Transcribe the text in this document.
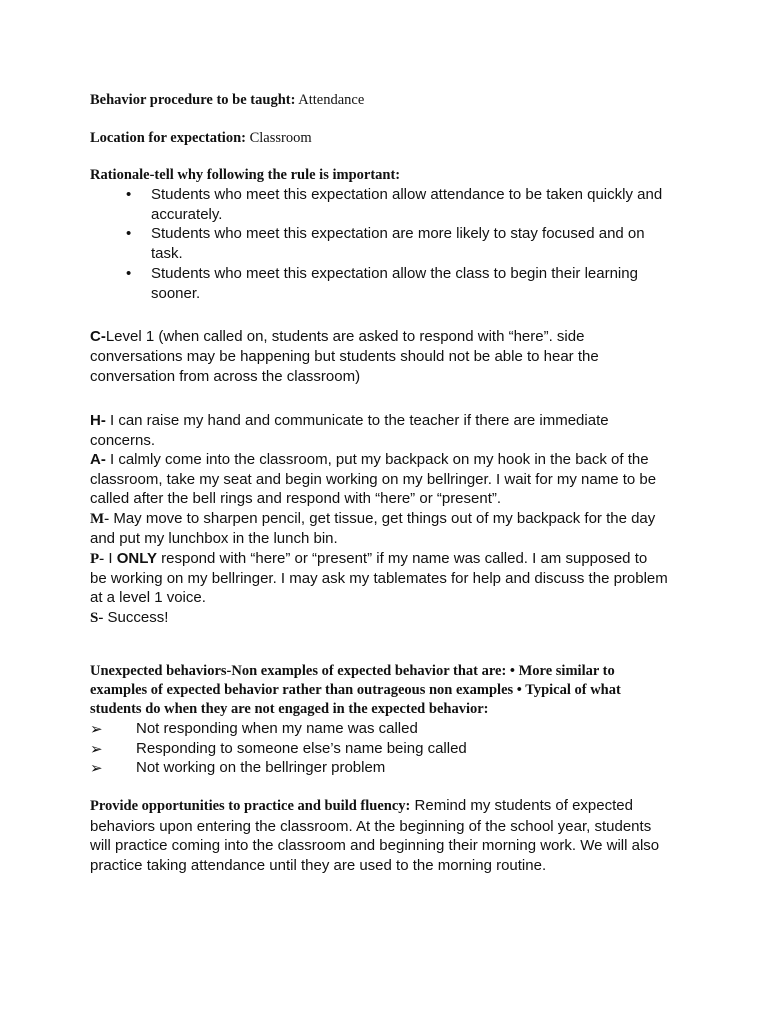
Behavior procedure to be taught: Attendance
Location for expectation: Classroom
Rationale-tell why following the rule is important:
• Students who meet this expectation allow attendance to be taken quickly and
accurately.
• Students who meet this expectation are more likely to stay focused and on
task.
• Students who meet this expectation allow the class to begin their learning
sooner.
C-Level 1 (when called on, students are asked to respond with “here”. side
conversations may be happening but students should not be able to hear the
conversation from across the classroom)
H- I can raise my hand and communicate to the teacher if there are immediate
concerns.
A- I calmly come into the classroom, put my backpack on my hook in the back of the
classroom, take my seat and begin working on my bellringer. I wait for my name to be
called after the bell rings and respond with “here” or “present”.
M- May move to sharpen pencil, get tissue, get things out of my backpack for the day
and put my lunchbox in the lunch bin.
P- I ONLY respond with “here” or “present” if my name was called. I am supposed to
be working on my bellringer. I may ask my tablemates for help and discuss the problem
at a level 1 voice.
S- Success!
Unexpected behaviors-Non examples of expected behavior that are: • More similar to
examples of expected behavior rather than outrageous non examples • Typical of what
students do when they are not engaged in the expected behavior:
➢ Not responding when my name was called
➢ Responding to someone else’s name being called
➢ Not working on the bellringer problem
Provide opportunities to practice and build fluency: Remind my students of expected
behaviors upon entering the classroom. At the beginning of the school year, students
will practice coming into the classroom and beginning their morning work. We will also
practice taking attendance until they are used to the morning routine.
